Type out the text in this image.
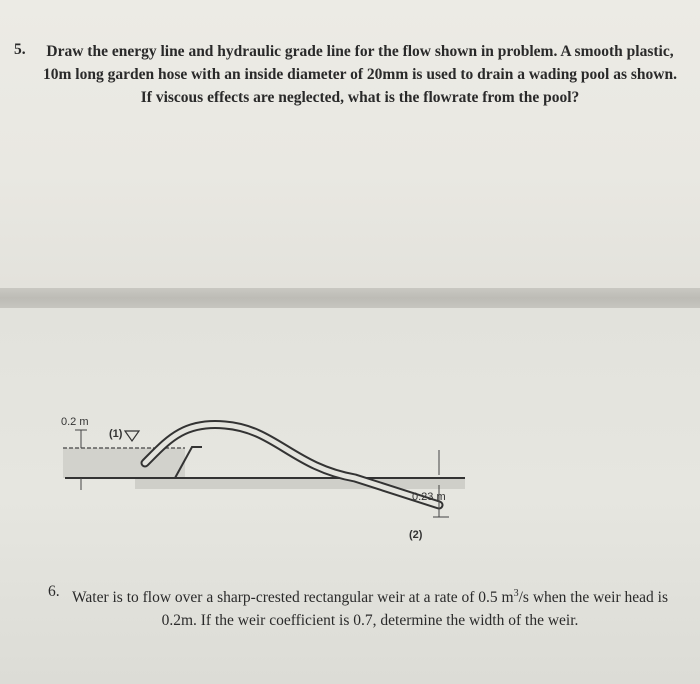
5.	Draw the energy line and hydraulic grade line for the flow shown in problem. A smooth plastic, 10m long garden hose with an inside diameter of 20mm is used to drain a wading pool as shown. If viscous effects are neglected, what is the flowrate from the pool?

0.2 m
(1)
0.23 m
(2)
6. Water is to flow over a sharp-crested rectangular weir at a rate of 0.5 $m^3/s$ when the weir head is 0.2m. If the weir coefficient is 0.7, determine the width of the weir.
